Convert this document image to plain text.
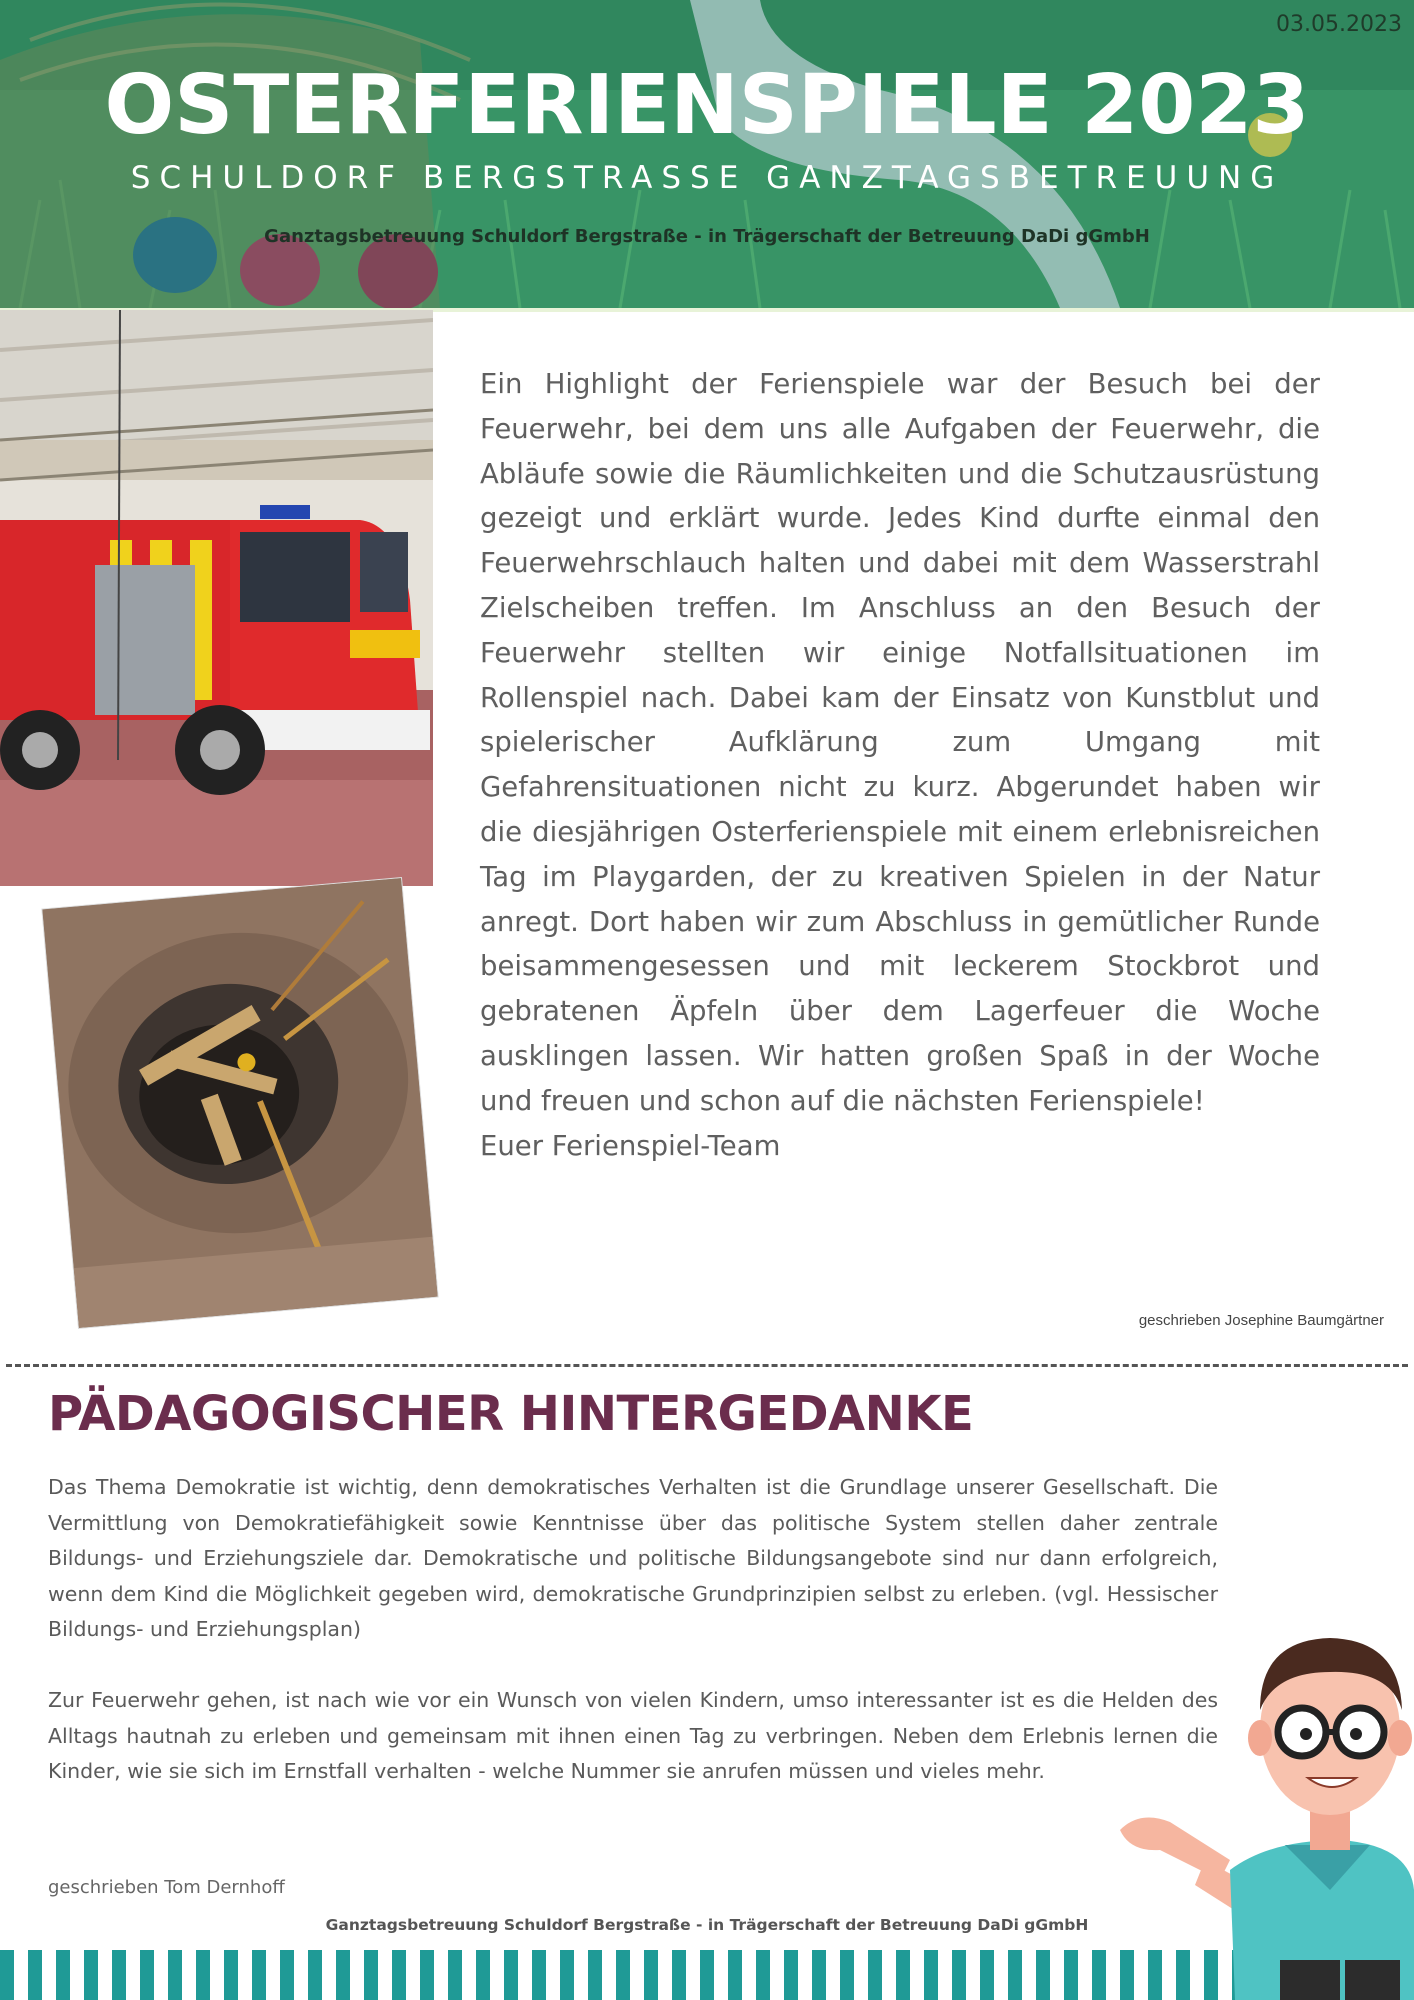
03.05.2023
OSTERFERIENSPIELE 2023
SCHULDORF BERGSTRASSE GANZTAGSBETREUUNG
Ganztagsbetreuung Schuldorf Bergstraße - in Trägerschaft der Betreuung DaDi gGmbH

Ein Highlight der Ferienspiele war der Besuch bei der Feuerwehr, bei dem uns alle Aufgaben der Feuerwehr, die Abläufe sowie die Räumlichkeiten und die Schutzausrüstung gezeigt und erklärt wurde. Jedes Kind durfte einmal den Feuerwehrschlauch halten und dabei mit dem Wasserstrahl Zielscheiben treffen. Im Anschluss an den Besuch der Feuerwehr stellten wir einige Notfallsituationen im Rollenspiel nach. Dabei kam der Einsatz von Kunstblut und spielerischer Aufklärung zum Umgang mit Gefahrensituationen nicht zu kurz. Abgerundet haben wir die diesjährigen Osterferienspiele mit einem erlebnisreichen Tag im Playgarden, der zu kreativen Spielen in der Natur anregt. Dort haben wir zum Abschluss in gemütlicher Runde beisammengesessen und mit leckerem Stockbrot und gebratenen Äpfeln über dem Lagerfeuer die Woche ausklingen lassen. Wir hatten großen Spaß in der Woche und freuen und schon auf die nächsten Ferienspiele!

Euer Ferienspiel-Team

geschrieben Josephine Baumgärtner
PÄDAGOGISCHER HINTERGEDANKE

Das Thema Demokratie ist wichtig, denn demokratisches Verhalten ist die Grundlage unserer Gesellschaft. Die Vermittlung von Demokratiefähigkeit sowie Kenntnisse über das politische System stellen daher zentrale Bildungs- und Erziehungsziele dar. Demokratische und politische Bildungsangebote sind nur dann erfolgreich, wenn dem Kind die Möglichkeit gegeben wird, demokratische Grundprinzipien selbst zu erleben. (vgl. Hessischer Bildungs- und Erziehungsplan)

Zur Feuerwehr gehen, ist nach wie vor ein Wunsch von vielen Kindern, umso interessanter ist es die Helden des Alltags hautnah zu erleben und gemeinsam mit ihnen einen Tag zu verbringen. Neben dem Erlebnis lernen die Kinder, wie sie sich im Ernstfall verhalten - welche Nummer sie anrufen müssen und vieles mehr.

geschrieben Tom Dernhoff
Ganztagsbetreuung Schuldorf Bergstraße - in Trägerschaft der Betreuung DaDi gGmbH
